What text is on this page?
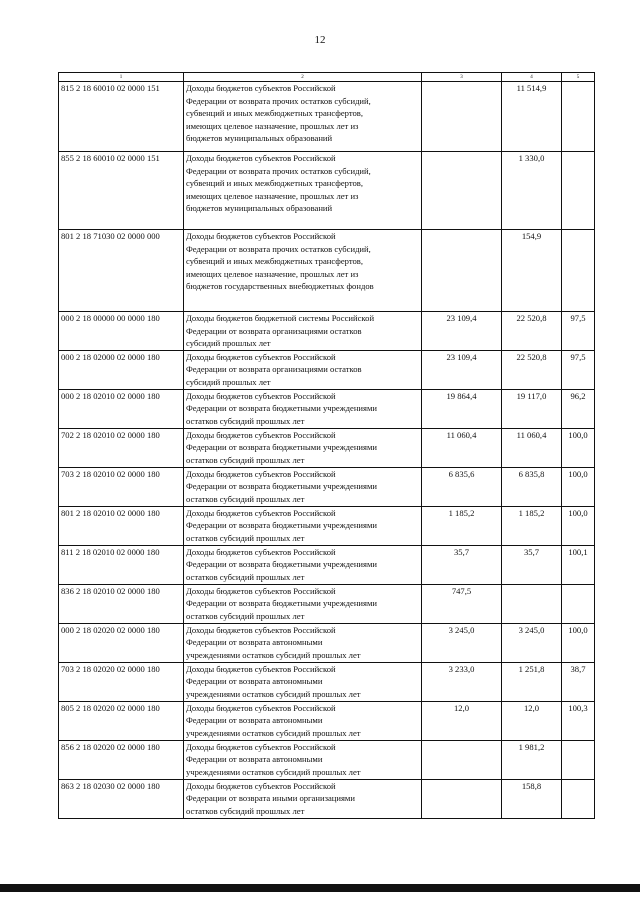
12
1	2	3	4	5
815 2 18 60010 02 0000 151	Доходы бюджетов субъектов Российской
Федерации от возврата прочих остатков субсидий,
субвенций и иных межбюджетных трансфертов,
имеющих целевое назначение, прошлых лет из
бюджетов муниципальных образований		11 514,9	
855 2 18 60010 02 0000 151	Доходы бюджетов субъектов Российской
Федерации от возврата прочих остатков субсидий,
субвенций и иных межбюджетных трансфертов,
имеющих целевое назначение, прошлых лет из
бюджетов муниципальных образований		1 330,0	
801 2 18 71030 02 0000 000	Доходы бюджетов субъектов Российской
Федерации от возврата прочих остатков субсидий,
субвенций и иных межбюджетных трансфертов,
имеющих целевое назначение, прошлых лет из
бюджетов государственных внебюджетных фондов		154,9	
000 2 18 00000 00 0000 180	Доходы бюджетов бюджетной системы Российской
Федерации от возврата организациями остатков
субсидий прошлых лет	23 109,4	22 520,8	97,5
000 2 18 02000 02 0000 180	Доходы бюджетов субъектов Российской
Федерации от возврата организациями остатков
субсидий прошлых лет	23 109,4	22 520,8	97,5
000 2 18 02010 02 0000 180	Доходы бюджетов субъектов Российской
Федерации от возврата бюджетными учреждениями
остатков субсидий прошлых лет	19 864,4	19 117,0	96,2
702 2 18 02010 02 0000 180	Доходы бюджетов субъектов Российской
Федерации от возврата бюджетными учреждениями
остатков субсидий прошлых лет	11 060,4	11 060,4	100,0
703 2 18 02010 02 0000 180	Доходы бюджетов субъектов Российской
Федерации от возврата бюджетными учреждениями
остатков субсидий прошлых лет	6 835,6	6 835,8	100,0
801 2 18 02010 02 0000 180	Доходы бюджетов субъектов Российской
Федерации от возврата бюджетными учреждениями
остатков субсидий прошлых лет	1 185,2	1 185,2	100,0
811 2 18 02010 02 0000 180	Доходы бюджетов субъектов Российской
Федерации от возврата бюджетными учреждениями
остатков субсидий прошлых лет	35,7	35,7	100,1
836 2 18 02010 02 0000 180	Доходы бюджетов субъектов Российской
Федерации от возврата бюджетными учреждениями
остатков субсидий прошлых лет	747,5		
000 2 18 02020 02 0000 180	Доходы бюджетов субъектов Российской
Федерации от возврата автономными
учреждениями остатков субсидий прошлых лет	3 245,0	3 245,0	100,0
703 2 18 02020 02 0000 180	Доходы бюджетов субъектов Российской
Федерации от возврата автономными
учреждениями остатков субсидий прошлых лет	3 233,0	1 251,8	38,7
805 2 18 02020 02 0000 180	Доходы бюджетов субъектов Российской
Федерации от возврата автономными
учреждениями остатков субсидий прошлых лет	12,0	12,0	100,3
856 2 18 02020 02 0000 180	Доходы бюджетов субъектов Российской
Федерации от возврата автономными
учреждениями остатков субсидий прошлых лет		1 981,2	
863 2 18 02030 02 0000 180	Доходы бюджетов субъектов Российской
Федерации от возврата иными организациями
остатков субсидий прошлых лет		158,8	
